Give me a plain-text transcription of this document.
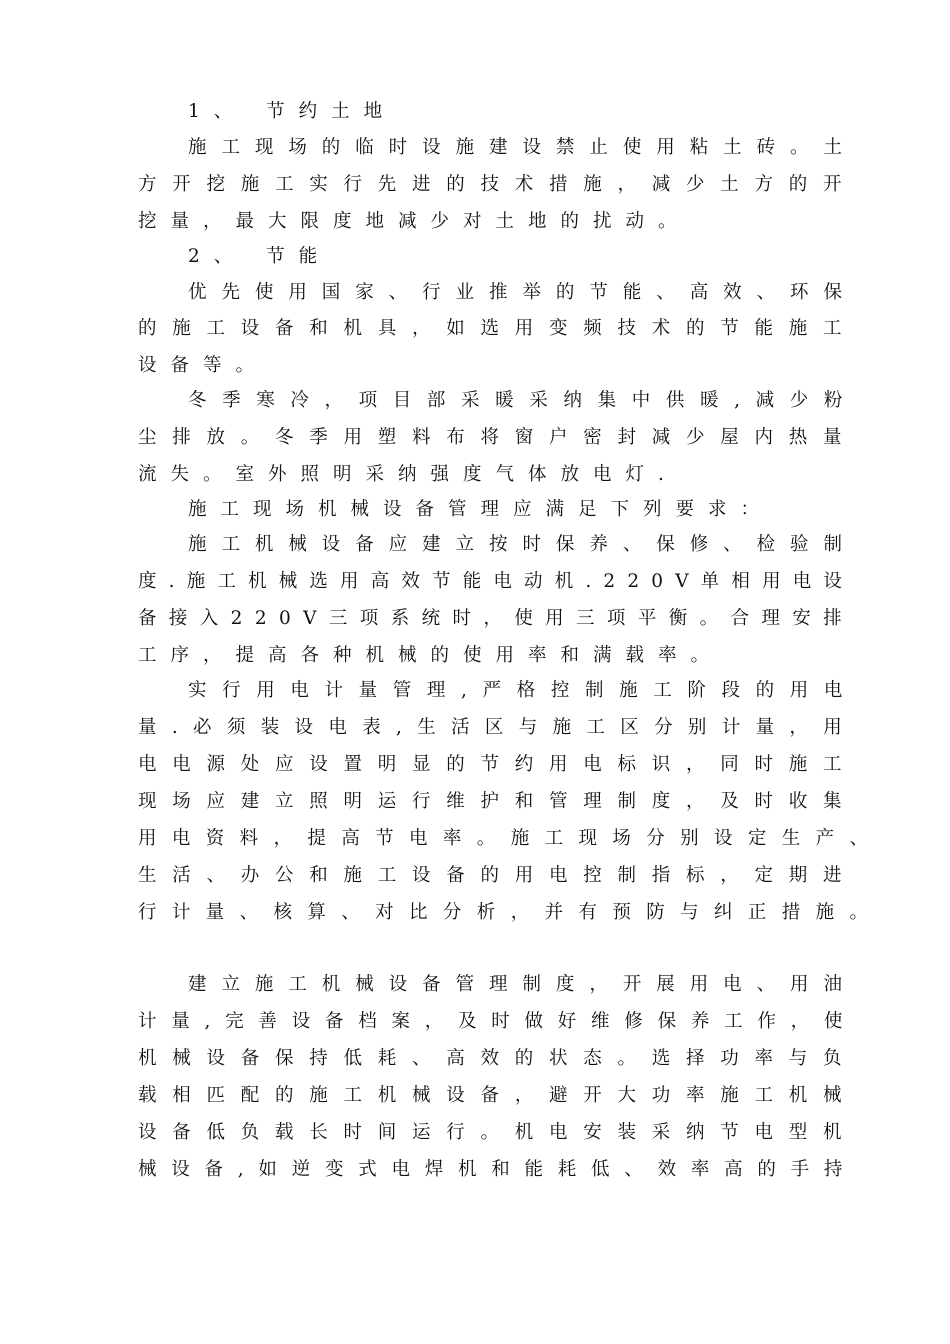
1、 节约土地
施工现场的临时设施建设禁止使用粘土砖。土
方开挖施工实行先进的技术措施，减少土方的开
挖量，最大限度地减少对土地的扰动。
2、 节能
优先使用国家、行业推举的节能、高效、环保
的施工设备和机具，如选用变频技术的节能施工
设备等。
冬季寒冷，项目部采暖采纳集中供暖,减少粉
尘排放。冬季用塑料布将窗户密封减少屋内热量
流失。室外照明采纳强度气体放电灯.
施工现场机械设备管理应满足下列要求：
施工机械设备应建立按时保养、保修、检验制
度.施工机械选用高效节能电动机.220V单相用电设
备接入220V三项系统时，使用三项平衡。合理安排
工序，提高各种机械的使用率和满载率。
实行用电计量管理,严格控制施工阶段的用电
量.必须装设电表,生活区与施工区分别计量，用
电电源处应设置明显的节约用电标识，同时施工
现场应建立照明运行维护和管理制度，及时收集
用电资料，提高节电率。施工现场分别设定生产、
生活、办公和施工设备的用电控制指标，定期进
行计量、核算、对比分析，并有预防与纠正措施。
建立施工机械设备管理制度，开展用电、用油
计量,完善设备档案，及时做好维修保养工作，使
机械设备保持低耗、高效的状态。选择功率与负
载相匹配的施工机械设备，避开大功率施工机械
设备低负载长时间运行。机电安装采纳节电型机
械设备,如逆变式电焊机和能耗低、效率高的手持
